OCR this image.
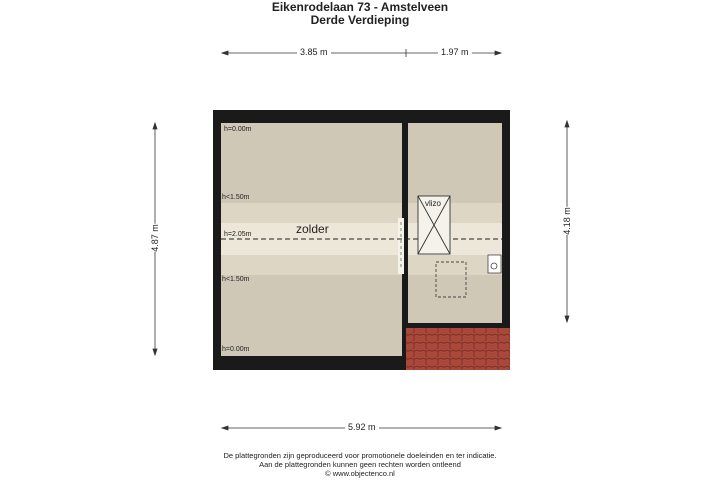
Eikenrodelaan 73 - Amstelveen
Derde Verdieping
3.85 m	1.97 m
5.92 m
4.87 m
4.18 m
h=0.00m
h<1.50m
h=2.05m
h<1.50m
h=0.00m
zolder
vlizo
De plattegronden zijn geproduceerd voor promotionele doeleinden en ter indicatie.
Aan de plattegronden kunnen geen rechten worden ontleend
© www.objectenco.nl
